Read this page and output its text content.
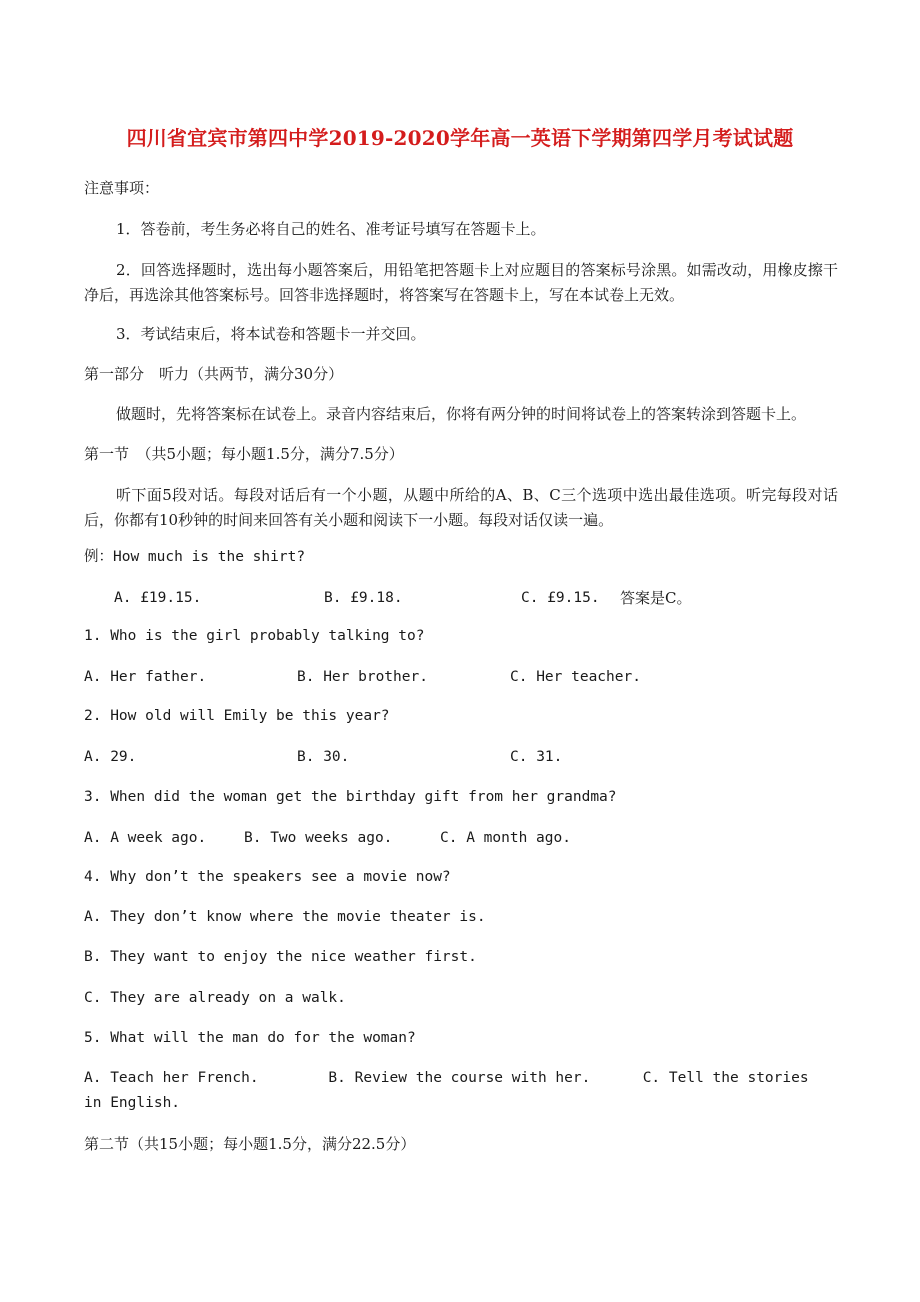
四川省宜宾市第四中学2019-2020学年高一英语下学期第四学月考试试题
注意事项：
1．答卷前，考生务必将自己的姓名、准考证号填写在答题卡上。
2．回答选择题时，选出每小题答案后，用铅笔把答题卡上对应题目的答案标号涂黑。如需改动，用橡皮擦干净后，再选涂其他答案标号。回答非选择题时，将答案写在答题卡上，写在本试卷上无效。
3．考试结束后，将本试卷和答题卡一并交回。
第一部分　听力（共两节，满分30分）
做题时，先将答案标在试卷上。录音内容结束后，你将有两分钟的时间将试卷上的答案转涂到答题卡上。
第一节　（共5小题；每小题1.5分，满分7.5分）
听下面5段对话。每段对话后有一个小题，从题中所给的A、B、C三个选项中选出最佳选项。听完每段对话后，你都有10秒钟的时间来回答有关小题和阅读下一小题。每段对话仅读一遍。
例：How much is the shirt?
A. £19.15.	B. £9.18.	C. £9.15. 答案是C。
1. Who is the girl probably talking to?
A. Her father.	B. Her brother.	C. Her teacher.
2. How old will Emily be this year?
A. 29.	B. 30.	C. 31.
3. When did the woman get the birthday gift from her grandma?
A. A week ago.	B. Two weeks ago.	C. A month ago.
4. Why don’t the speakers see a movie now?
A. They don’t know where the movie theater is.
B. They want to enjoy the nice weather first.
C. They are already on a walk.
5. What will the man do for the woman?
A. Teach her French.        B. Review the course with her.      C. Tell the stories in English.
第二节（共15小题；每小题1.5分，满分22.5分）
